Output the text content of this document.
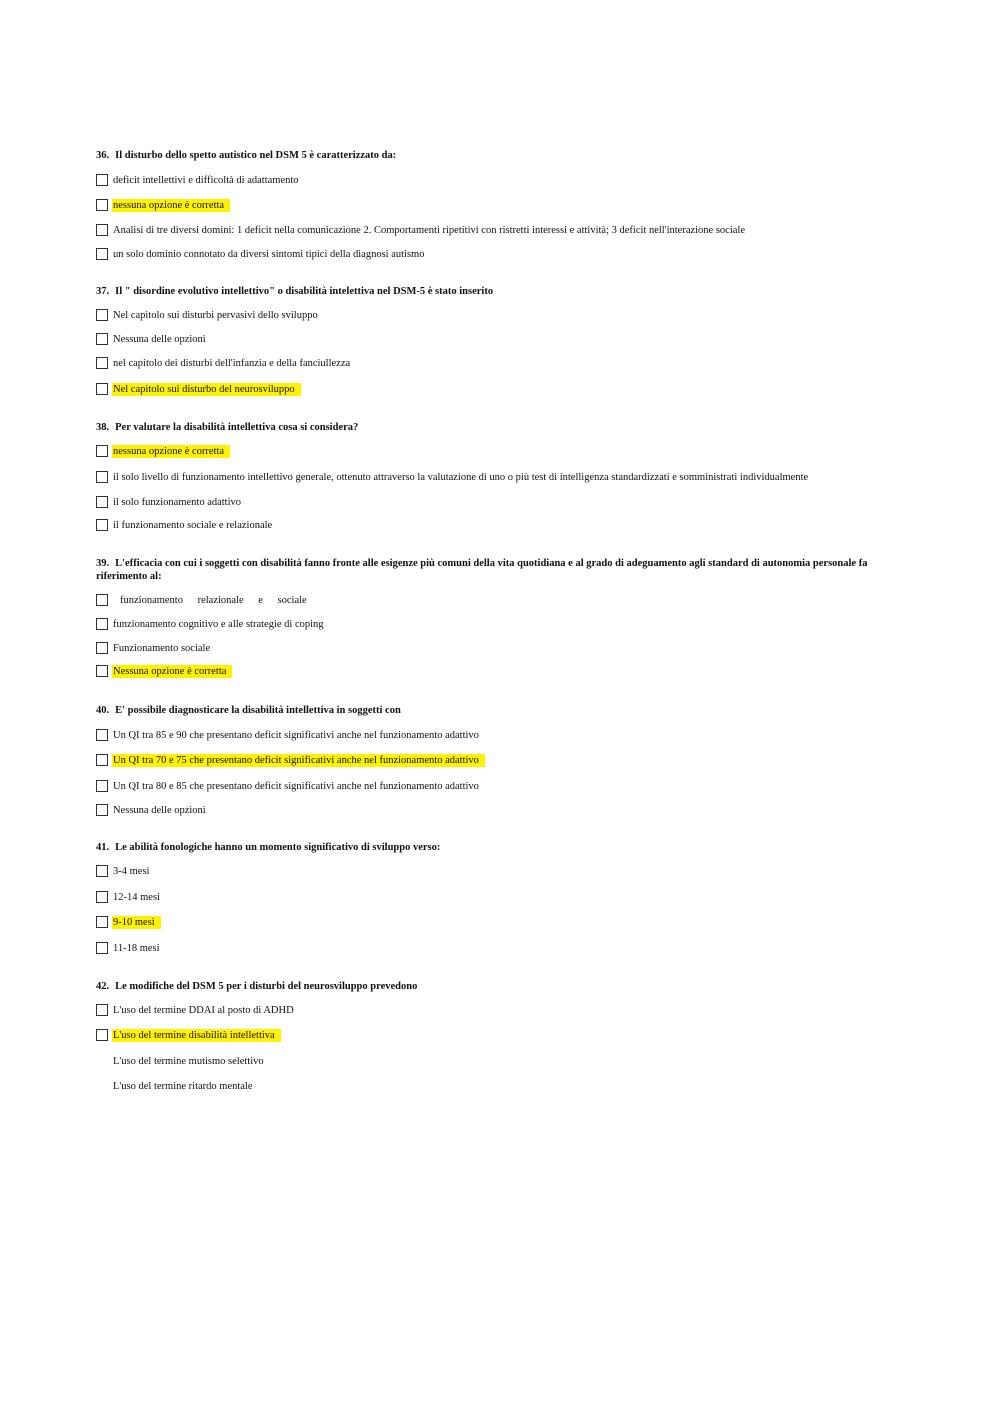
36. Il disturbo dello spetto autistico nel DSM 5 è caratterizzato da:

deficit intellettivi e difficoltà di adattamento
nessuna opzione è corretta
Analisi di tre diversi domini: 1 deficit nella comunicazione 2. Comportamenti ripetitivi con ristretti interessi e attività; 3 deficit nell'interazione sociale
un solo dominio connotato da diversi sintomi tipici della diagnosi autismo

37. Il " disordine evolutivo intellettivo" o disabilità intelettiva nel DSM-5 è stato inserito

Nel capitolo sui disturbi pervasivi dello sviluppo
Nessuna delle opzioni
nel capitolo dei disturbi dell'infanzia e della fanciullezza
Nel capitolo sui disturbo del neurosviluppo

38. Per valutare la disabilità intellettiva cosa si considera?

nessuna opzione è corretta
il solo livello di funzionamento intellettivo generale, ottenuto attraverso la valutazione di uno o più test di intelligenza standardizzati e somministrati individualmente
il solo funzionamento adattivo
il funzionamento sociale e relazionale

39. L'efficacia con cui i soggetti con disabilità fanno fronte alle esigenze più comuni della vita quotidiana e al grado di adeguamento agli standard di autonomia personale fa riferimento al:

funzionamento relazionale e sociale
funzionamento cognitivo e alle strategie di coping
Funzionamento sociale
Nessuna opzione è corretta

40. E' possibile diagnosticare la disabilità intellettiva in soggetti con

Un QI tra 85 e 90 che presentano deficit significativi anche nel funzionamento adattivo
Un QI tra 70 e 75 che presentano deficit significativi anche nel funzionamento adattivo
Un QI tra 80 e 85 che presentano deficit significativi anche nel funzionamento adattivo
Nessuna delle opzioni

41. Le abilità fonologiche hanno un momento significativo di sviluppo verso:

3-4 mesi
12-14 mesi
9-10 mesi
11-18 mesi

42. Le modifiche del DSM 5 per i disturbi del neurosviluppo prevedono

L'uso del termine DDAI al posto di ADHD
L'uso del termine disabilità intellettiva
L'uso del termine mutismo selettivo
L'uso del termine ritardo mentale
